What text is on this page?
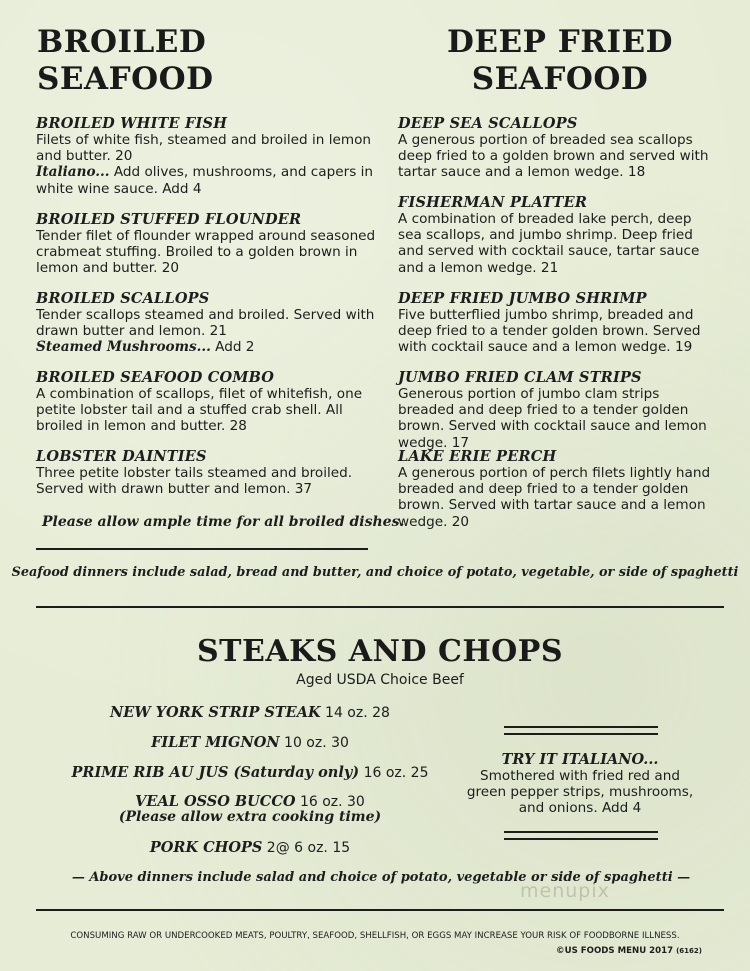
BROILED
SEAFOOD
DEEP FRIED
SEAFOOD
BROILED WHITE FISH
Filets of white fish, steamed and broiled in lemon and butter. 20
Italiano... Add olives, mushrooms, and capers in white wine sauce. Add 4
BROILED STUFFED FLOUNDER
Tender filet of flounder wrapped around seasoned crabmeat stuffing. Broiled to a golden brown in lemon and butter. 20
BROILED SCALLOPS
Tender scallops steamed and broiled. Served with drawn butter and lemon. 21
Steamed Mushrooms... Add 2
BROILED SEAFOOD COMBO
A combination of scallops, filet of whitefish, one petite lobster tail and a stuffed crab shell. All broiled in lemon and butter. 28
LOBSTER DAINTIES
Three petite lobster tails steamed and broiled. Served with drawn butter and lemon. 37
Please allow ample time for all broiled dishes.
DEEP SEA SCALLOPS
A generous portion of breaded sea scallops deep fried to a golden brown and served with tartar sauce and a lemon wedge. 18
FISHERMAN PLATTER
A combination of breaded lake perch, deep sea scallops, and jumbo shrimp. Deep fried and served with cocktail sauce, tartar sauce and a lemon wedge. 21
DEEP FRIED JUMBO SHRIMP
Five butterflied jumbo shrimp, breaded and deep fried to a tender golden brown. Served with cocktail sauce and a lemon wedge. 19
JUMBO FRIED CLAM STRIPS
Generous portion of jumbo clam strips breaded and deep fried to a tender golden brown. Served with cocktail sauce and lemon wedge. 17
LAKE ERIE PERCH
A generous portion of perch filets lightly hand breaded and deep fried to a tender golden brown. Served with tartar sauce and a lemon wedge. 20
Seafood dinners include salad, bread and butter, and choice of potato, vegetable, or side of spaghetti
STEAKS AND CHOPS
Aged USDA Choice Beef
NEW YORK STRIP STEAK 14 oz. 28
FILET MIGNON 10 oz. 30
PRIME RIB AU JUS (Saturday only) 16 oz. 25
VEAL OSSO BUCCO 16 oz. 30
(Please allow extra cooking time)
PORK CHOPS 2@ 6 oz. 15
TRY IT ITALIANO...
Smothered with fried red and green pepper strips, mushrooms, and onions. Add 4
— Above dinners include salad and choice of potato, vegetable or side of spaghetti —
menupix
CONSUMING RAW OR UNDERCOOKED MEATS, POULTRY, SEAFOOD, SHELLFISH, OR EGGS MAY INCREASE YOUR RISK OF FOODBORNE ILLNESS.
©US FOODS MENU 2017 (6162)
